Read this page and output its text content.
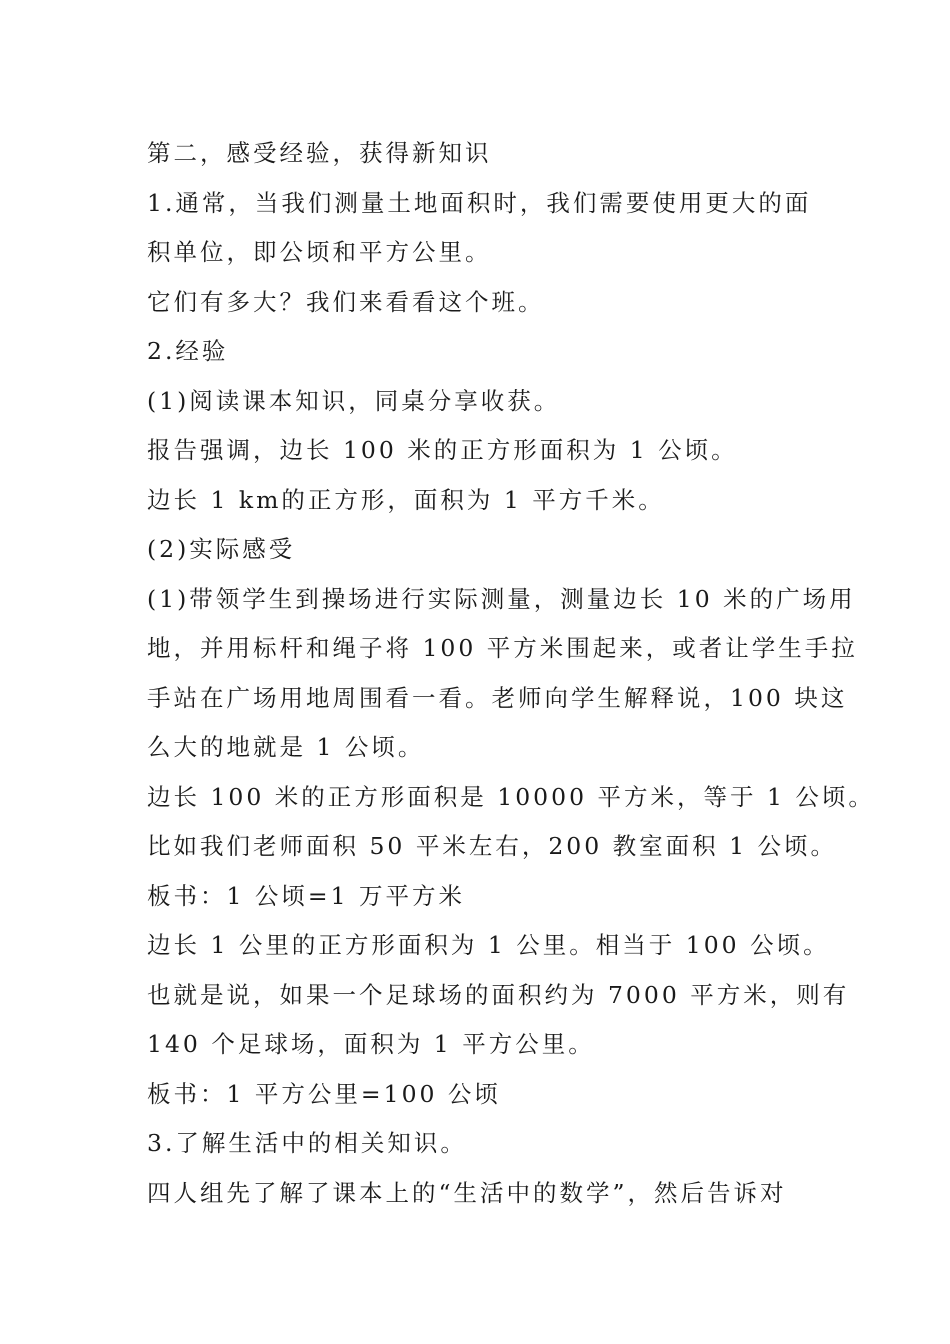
第二，感受经验，获得新知识
1.通常，当我们测量土地面积时，我们需要使用更大的面
积单位，即公顷和平方公里。
它们有多大？我们来看看这个班。
2.经验
(1)阅读课本知识，同桌分享收获。
报告强调，边长 100 米的正方形面积为 1 公顷。
边长 1 km的正方形，面积为 1 平方千米。
(2)实际感受
(1)带领学生到操场进行实际测量，测量边长 10 米的广场用
地，并用标杆和绳子将 100 平方米围起来，或者让学生手拉
手站在广场用地周围看一看。老师向学生解释说，100 块这
么大的地就是 1 公顷。
边长 100 米的正方形面积是 10000 平方米，等于 1 公顷。
比如我们老师面积 50 平米左右，200 教室面积 1 公顷。
板书：1 公顷=1 万平方米
边长 1 公里的正方形面积为 1 公里。相当于 100 公顷。
也就是说，如果一个足球场的面积约为 7000 平方米，则有
140 个足球场，面积为 1 平方公里。
板书：1 平方公里=100 公顷
3.了解生活中的相关知识。
四人组先了解了课本上的“生活中的数学”，然后告诉对
